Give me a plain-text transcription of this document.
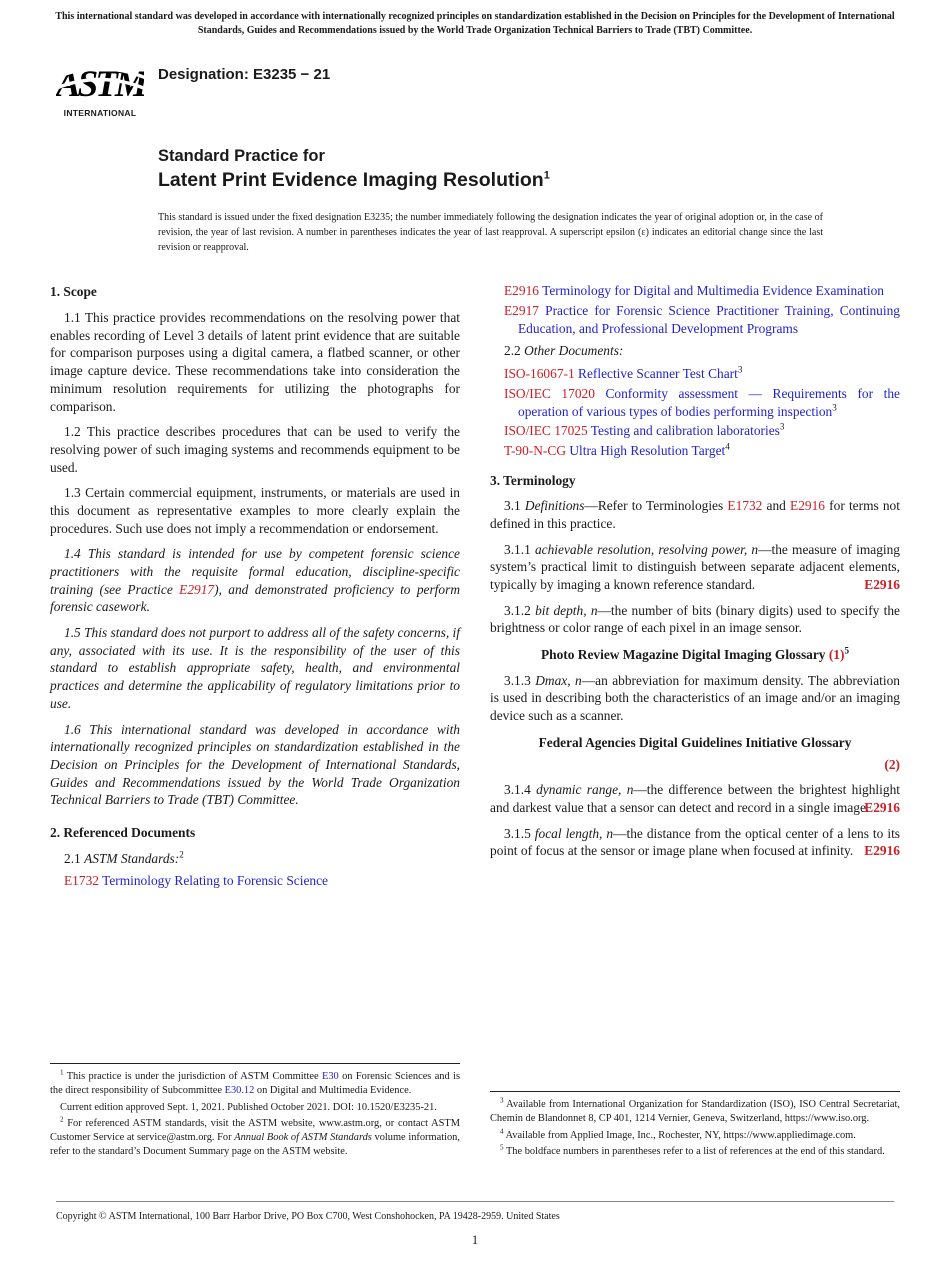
This international standard was developed in accordance with internationally recognized principles on standardization established in the Decision on Principles for the Development of International Standards, Guides and Recommendations issued by the World Trade Organization Technical Barriers to Trade (TBT) Committee.
ASTM
INTERNATIONAL
Designation: E3235 − 21
Standard Practice for
Latent Print Evidence Imaging Resolution$^1$
This standard is issued under the fixed designation E3235; the number immediately following the designation indicates the year of original adoption or, in the case of revision, the year of last revision. A number in parentheses indicates the year of last reapproval. A superscript epsilon (ε) indicates an editorial change since the last revision or reapproval.
1. Scope

1.1 This practice provides recommendations on the resolving power that enables recording of Level 3 details of latent print evidence that are suitable for comparison purposes using a digital camera, a flatbed scanner, or other image capture device. These recommendations take into consideration the minimum resolution requirements for utilizing the photographs for comparison.

1.2 This practice describes procedures that can be used to verify the resolving power of such imaging systems and recommends equipment to be used.

1.3 Certain commercial equipment, instruments, or materials are used in this document as representative examples to more clearly explain the procedures. Such use does not imply a recommendation or endorsement.

1.4 This standard is intended for use by competent forensic science practitioners with the requisite formal education, discipline-specific training (see Practice E2917), and demonstrated proficiency to perform forensic casework.

1.5 This standard does not purport to address all of the safety concerns, if any, associated with its use. It is the responsibility of the user of this standard to establish appropriate safety, health, and environmental practices and determine the applicability of regulatory limitations prior to use.

1.6 This international standard was developed in accordance with internationally recognized principles on standardization established in the Decision on Principles for the Development of International Standards, Guides and Recommendations issued by the World Trade Organization Technical Barriers to Trade (TBT) Committee.

2. Referenced Documents

2.1 ASTM Standards:$^2$

E1732 Terminology Relating to Forensic Science

$^1$ This practice is under the jurisdiction of ASTM Committee E30 on Forensic Sciences and is the direct responsibility of Subcommittee E30.12 on Digital and Multimedia Evidence.

Current edition approved Sept. 1, 2021. Published October 2021. DOI: 10.1520/E3235-21.

$^2$ For referenced ASTM standards, visit the ASTM website, www.astm.org, or contact ASTM Customer Service at service@astm.org. For Annual Book of ASTM Standards volume information, refer to the standard’s Document Summary page on the ASTM website.

E2916 Terminology for Digital and Multimedia Evidence Examination
E2917 Practice for Forensic Science Practitioner Training, Continuing Education, and Professional Development Programs

2.2 Other Documents:

ISO-16067-1 Reflective Scanner Test Chart$^3$
ISO/IEC 17020 Conformity assessment — Requirements for the operation of various types of bodies performing inspection$^3$
ISO/IEC 17025 Testing and calibration laboratories$^3$
T-90-N-CG Ultra High Resolution Target$^4$
3. Terminology

3.1 Definitions—Refer to Terminologies E1732 and E2916 for terms not defined in this practice.

3.1.1 achievable resolution, resolving power, n—the measure of imaging system’s practical limit to distinguish between separate adjacent elements, typically by imaging a known reference standard.	E2916

3.1.2 bit depth, n—the number of bits (binary digits) used to specify the brightness or color range of each pixel in an image sensor.

Photo Review Magazine Digital Imaging Glossary $(1)^5$

3.1.3 Dmax, n—an abbreviation for maximum density. The abbreviation is used in describing both the characteristics of an image and/or an imaging device such as a scanner.

Federal Agencies Digital Guidelines Initiative Glossary
(2)

3.1.4 dynamic range, n—the difference between the brightest highlight and darkest value that a sensor can detect and record in a single image.
E2916

3.1.5 focal length, n—the distance from the optical center of a lens to its point of focus at the sensor or image plane when focused at infinity. E2916

$^3$ Available from International Organization for Standardization (ISO), ISO Central Secretariat, Chemin de Blandonnet 8, CP 401, 1214 Vernier, Geneva, Switzerland, https://www.iso.org.

$^4$ Available from Applied Image, Inc., Rochester, NY, https://www.appliedimage.com.

$^5$ The boldface numbers in parentheses refer to a list of references at the end of this standard.

Copyright © ASTM International, 100 Barr Harbor Drive, PO Box C700, West Conshohocken, PA 19428-2959. United States
1
